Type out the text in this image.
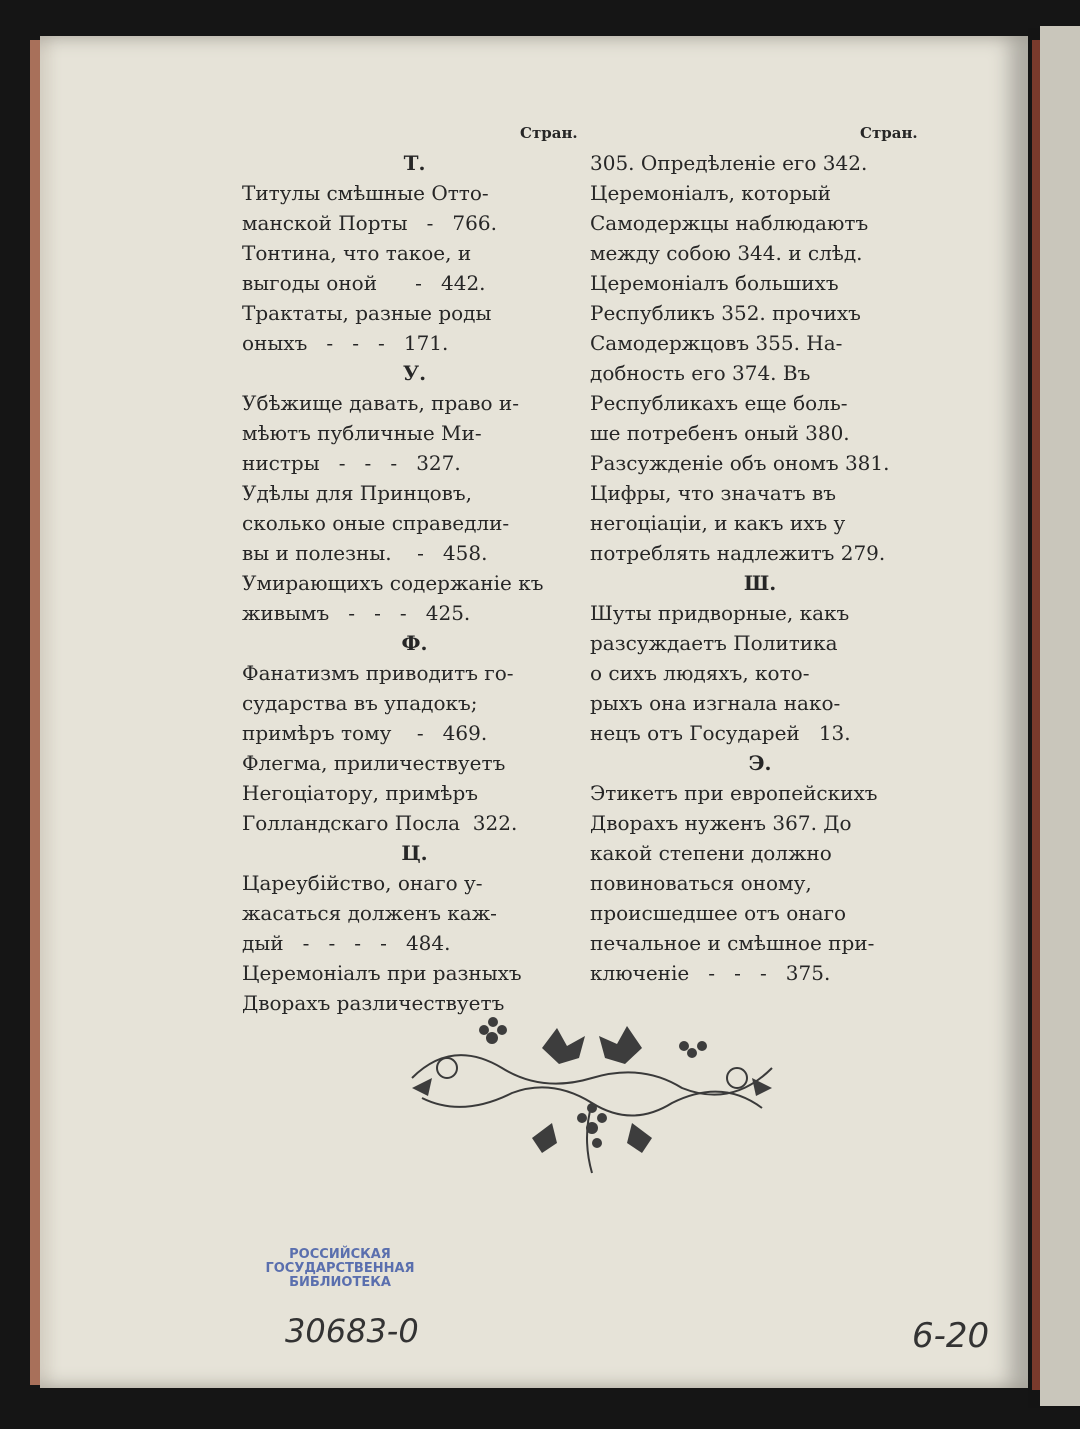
Стран.	Стран.

Т.

Титулы смѣшные Оттo-

манской Порты   -   766.

Тонтина, что такое, и

выгоды оной      -   442.

Трактаты, разные роды

оныхъ   -   -   -   171.

У.

Убѣжище давать, право и-

мѣютъ публичные Ми-

нистры   -   -   -   327.

Удѣлы для Принцовъ,

сколько оные справедли-

вы и полезны.    -   458.

Умирающихъ содержанiе къ

живымъ   -   -   -   425.

Ф.

Фанатизмъ приводитъ го-

сударства въ упадокъ;

примѣръ тому    -   469.

Флегма, приличествуетъ

Негоцiатору, примѣръ

Голландскаго Посла  322.

Ц.

Цареубiйство, онаго у-

жасаться долженъ каж-

дый   -   -   -   -   484.

Церемонiалъ при разныхъ

Дворахъ различествуетъ

305. Опредѣленiе его 342.

Церемонiалъ, который

Самодержцы наблюдаютъ

между собою 344. и слѣд.

Церемонiалъ большихъ

Республикъ 352. прочихъ

Самодержцовъ 355. На-

добность его 374. Въ

Республикахъ еще боль-

ше потребенъ оный 380.

Разсужденiе объ ономъ 381.

Цифры, что значатъ въ

негоцiацiи, и какъ ихъ у

потреблять надлежитъ 279.

Ш.

Шуты придворные, какъ

разсуждаетъ Политика

о сихъ людяхъ, кото-

рыхъ она изгнала нако-

нецъ отъ Государей   13.

Э.

Этикетъ при европейскихъ

Дворахъ нуженъ 367. До

какой степени должно

повиноваться оному,

происшедшее отъ онаго

печальное и смѣшное при-

ключенiе   -   -   -   375.

РОССИЙСКАЯ
ГОСУДАРСТВЕННАЯ
БИБЛИОТЕКА
30683-0	6-20
